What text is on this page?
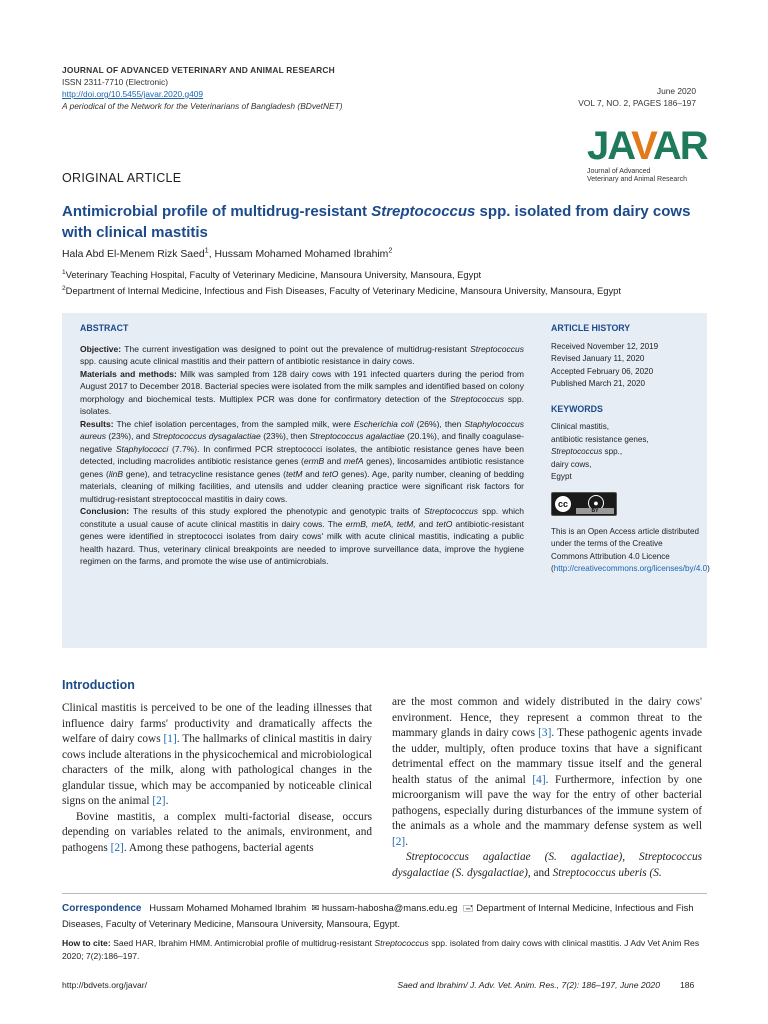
JOURNAL OF ADVANCED VETERINARY AND ANIMAL RESEARCH
ISSN 2311-7710 (Electronic)
http://doi.org/10.5455/javar.2020.g409
A periodical of the Network for the Veterinarians of Bangladesh (BDvetNET)
June 2020
VOL 7, NO. 2, PAGES 186–197
JAVAR
Journal of Advanced
Veterinary and Animal Research
ORIGINAL ARTICLE
Antimicrobial profile of multidrug-resistant Streptococcus spp. isolated from dairy cows with clinical mastitis
Hala Abd El-Menem Rizk Saed$^1$, Hussam Mohamed Mohamed Ibrahim$^2$
$^1$Veterinary Teaching Hospital, Faculty of Veterinary Medicine, Mansoura University, Mansoura, Egypt
$^2$Department of Internal Medicine, Infectious and Fish Diseases, Faculty of Veterinary Medicine, Mansoura University, Mansoura, Egypt
ABSTRACT
Objective: The current investigation was designed to point out the prevalence of multidrug-resistant Streptococcus spp. causing acute clinical mastitis and their pattern of antibiotic resistance in dairy cows.
Materials and methods: Milk was sampled from 128 dairy cows with 191 infected quarters during the period from August 2017 to December 2018. Bacterial species were isolated from the milk samples and identified based on colony morphology and biochemical tests. Multiplex PCR was done for confirmatory detection of the Streptococcus spp. isolates.
Results: The chief isolation percentages, from the sampled milk, were Escherichia coli (26%), then Staphylococcus aureus (23%), and Streptococcus dysagalactiae (23%), then Streptococcus agalactiae (20.1%), and finally coagulase-negative Staphylococci (7.7%). In confirmed PCR streptococci isolates, the antibiotic resistance genes have been detected, including macrolides antibiotic resistance genes (ermB and mefA genes), lincosamides antibiotic resistance genes (linB gene), and tetracycline resistance genes (tetM and tetO genes). Age, parity number, cleaning of bedding materials, cleaning of milking facilities, and utensils and udder cleaning practice were significant risk factors for multidrug-resistant streptococcal mastitis in dairy cows.
Conclusion: The results of this study explored the phenotypic and genotypic traits of Streptococcus spp. which constitute a usual cause of acute clinical mastitis in dairy cows. The ermB, mefA, tetM, and tetO antibiotic-resistant genes were identified in streptococci isolates from dairy cows' milk with acute clinical mastitis, indicating a public health hazard. Thus, veterinary clinical breakpoints are needed to improve surveillance data, improve the hygiene regimen on the farms, and promote the wise use of antimicrobials.
ARTICLE HISTORY
Received November 12, 2019
Revised January 11, 2020
Accepted February 06, 2020
Published March 21, 2020
KEYWORDS
Clinical mastitis,
antibiotic resistance genes,
Streptococcus spp.,
dairy cows,
Egypt
cc	●
BY
This is an Open Access article distributed under the terms of the Creative Commons Attribution 4.0 Licence (http://creativecommons.org/licenses/by/4.0)
Introduction

Clinical mastitis is perceived to be one of the leading illnesses that influence dairy farms' productivity and dramatically affects the welfare of dairy cows [1]. The hallmarks of clinical mastitis in dairy cows include alterations in the physicochemical and microbiological characters of the milk, along with pathological changes in the glandular tissue, which may be accompanied by noticeable clinical signs on the animal [2].

Bovine mastitis, a complex multi-factorial disease, occurs depending on variables related to the animals, environment, and pathogens [2]. Among these pathogens, bacterial agents

are the most common and widely distributed in the dairy cows' environment. Hence, they represent a common threat to the mammary glands in dairy cows [3]. These pathogenic agents invade the udder, multiply, often produce toxins that have a significant detrimental effect on the mammary tissue itself and the general health status of the animal [4]. Furthermore, infection by one microorganism will pave the way for the entry of other bacterial pathogens, especially during disturbances of the immune system of the animals as a whole and the mammary defense system as well [2].

Streptococcus agalactiae (S. agalactiae), Streptococcus dysgalactiae (S. dysgalactiae), and Streptococcus uberis (S.

Correspondence Hussam Mohamed Mohamed Ibrahim ✉ hussam-habosha@mans.edu.eg 🖃 Department of Internal Medicine, Infectious and Fish Diseases, Faculty of Veterinary Medicine, Mansoura University, Mansoura, Egypt.
How to cite: Saed HAR, Ibrahim HMM. Antimicrobial profile of multidrug-resistant Streptococcus spp. isolated from dairy cows with clinical mastitis. J Adv Vet Anim Res 2020; 7(2):186–197.
http://bdvets.org/javar/	Saed and Ibrahim/ J. Adv. Vet. Anim. Res., 7(2): 186–197, June 2020 186
